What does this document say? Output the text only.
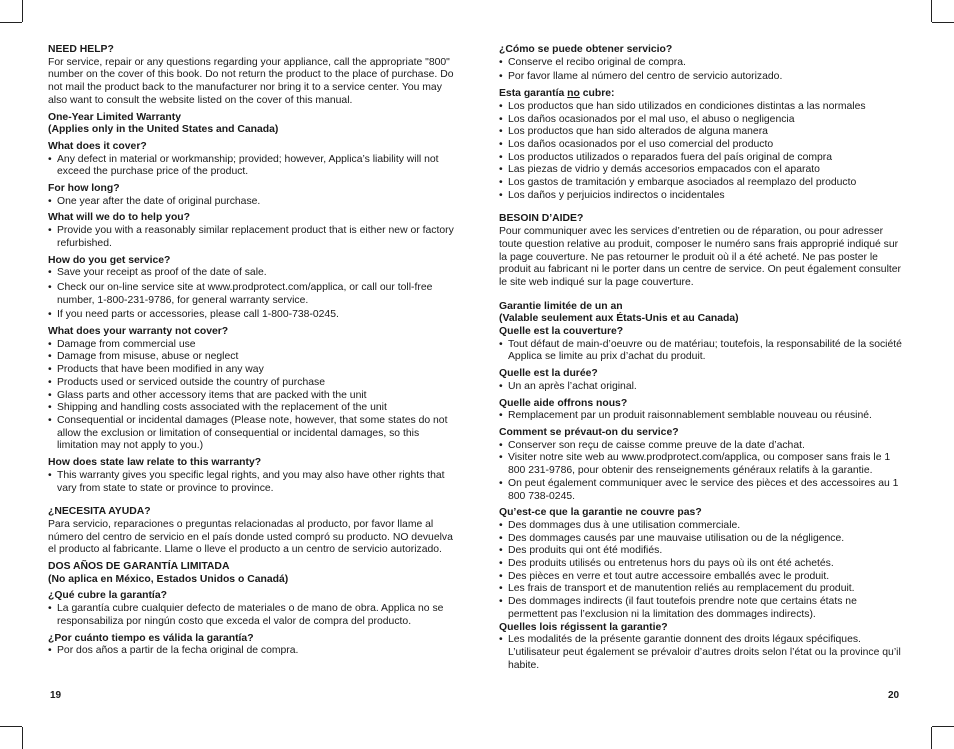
NEED HELP?

For service, repair or any questions regarding your appliance, call the appropriate "800" number on the cover of this book. Do not return the product to the place of purchase. Do not mail the product back to the manufacturer nor bring it to a service center. You may also want to consult the website listed on the cover of this manual.

One-Year Limited Warranty
(Applies only in the United States and Canada)
What does it cover?
• Any defect in material or workmanship; provided; however, Applica’s liability will not exceed the purchase price of the product.
For how long?
• One year after the date of original purchase.
What will we do to help you?
• Provide you with a reasonably similar replacement product that is either new or factory refurbished.
How do you get service?
• Save your receipt as proof of the date of sale.
• Check our on-line service site at www.prodprotect.com/applica, or call our toll-free number, 1-800-231-9786, for general warranty service.
• If you need parts or accessories, please call 1-800-738-0245.
What does your warranty not cover?
• Damage from commercial use
• Damage from misuse, abuse or neglect
• Products that have been modified in any way
• Products used or serviced outside the country of purchase
• Glass parts and other accessory items that are packed with the unit
• Shipping and handling costs associated with the replacement of the unit
• Consequential or incidental damages (Please note, however, that some states do not allow the exclusion or limitation of consequential or incidental damages, so this limitation may not apply to you.)
How does state law relate to this warranty?
• This warranty gives you specific legal rights, and you may also have other rights that vary from state to state or province to province.
¿NECESITA AYUDA?

Para servicio, reparaciones o preguntas relacionadas al producto, por favor llame al número del centro de servicio en el país donde usted compró su producto. NO devuelva el producto al fabricante. Llame o lleve el producto a un centro de servicio autorizado.

DOS AÑOS DE GARANTÍA LIMITADA
(No aplica en México, Estados Unidos o Canadá)
¿Qué cubre la garantía?
• La garantía cubre cualquier defecto de materiales o de mano de obra. Applica no se responsabiliza por ningún costo que exceda el valor de compra del producto.
¿Por cuánto tiempo es válida la garantía?
• Por dos años a partir de la fecha original de compra.
19
¿Cómo se puede obtener servicio?
• Conserve el recibo original de compra.
• Por favor llame al número del centro de servicio autorizado.
Esta garantía no cubre:
• Los productos que han sido utilizados en condiciones distintas a las normales
• Los daños ocasionados por el mal uso, el abuso o negligencia
• Los productos que han sido alterados de alguna manera
• Los daños ocasionados por el uso comercial del producto
• Los productos utilizados o reparados fuera del país original de compra
• Las piezas de vidrio y demás accesorios empacados con el aparato
• Los gastos de tramitación y embarque asociados al reemplazo del producto
• Los daños y perjuicios indirectos o incidentales
BESOIN D’AIDE?

Pour communiquer avec les services d’entretien ou de réparation, ou pour adresser toute question relative au produit, composer le numéro sans frais approprié indiqué sur la page couverture. Ne pas retourner le produit où il a été acheté. Ne pas poster le produit au fabricant ni le porter dans un centre de service. On peut également consulter le site web indiqué sur la page couverture.

Garantie limitée de un an
(Valable seulement aux États-Unis et au Canada)
Quelle est la couverture?
• Tout défaut de main-d’oeuvre ou de matériau; toutefois, la responsabilité de la société Applica se limite au prix d’achat du produit.
Quelle est la durée?
• Un an après l’achat original.
Quelle aide offrons nous?
• Remplacement par un produit raisonnablement semblable nouveau ou réusiné.
Comment se prévaut-on du service?
• Conserver son reçu de caisse comme preuve de la date d’achat.
• Visiter notre site web au www.prodprotect.com/applica, ou composer sans frais le 1 800 231-9786, pour obtenir des renseignements généraux relatifs à la garantie.
• On peut également communiquer avec le service des pièces et des accessoires au 1 800 738-0245.
Qu’est-ce que la garantie ne couvre pas?
• Des dommages dus à une utilisation commerciale.
• Des dommages causés par une mauvaise utilisation ou de la négligence.
• Des produits qui ont été modifiés.
• Des produits utilisés ou entretenus hors du pays où ils ont été achetés.
• Des pièces en verre et tout autre accessoire emballés avec le produit.
• Les frais de transport et de manutention reliés au remplacement du produit.
• Des dommages indirects (il faut toutefois prendre note que certains états ne permettent pas l’exclusion ni la limitation des dommages indirects).
Quelles lois régissent la garantie?
• Les modalités de la présente garantie donnent des droits légaux spécifiques. L’utilisateur peut également se prévaloir d’autres droits selon l’état ou la province qu’il habite.
20
